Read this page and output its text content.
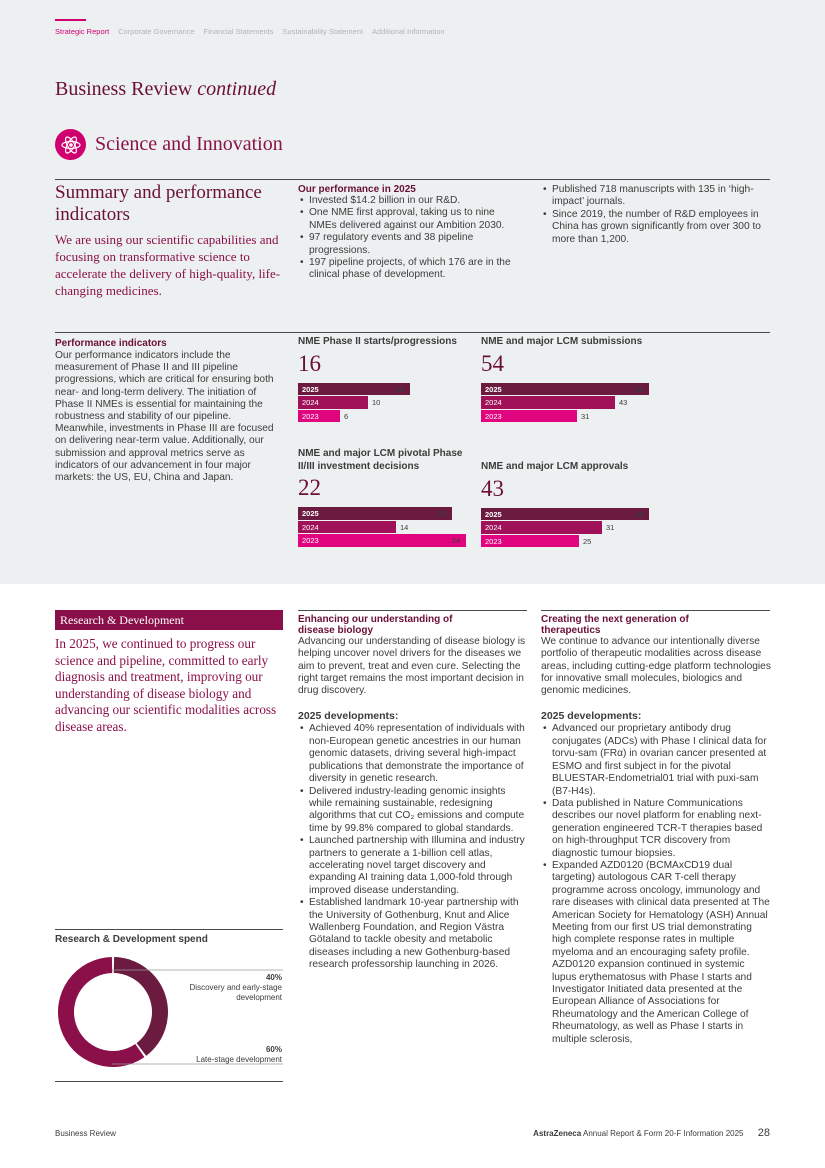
Strategic Report Corporate Governance Financial Statements Sustainability Statement Additional Information
Business Review continued
Science and Innovation
Summary and performance indicators
We are using our scientific capabilities and focusing on transformative science to accelerate the delivery of high-quality, life-changing medicines.
Our performance in 2025
• Invested $14.2 billion in our R&D.
• One NME first approval, taking us to nine NMEs delivered against our Ambition 2030.
• 97 regulatory events and 38 pipeline progressions.
• 197 pipeline projects, of which 176 are in the clinical phase of development.
• Published 718 manuscripts with 135 in ‘high-impact’ journals.
• Since 2019, the number of R&D employees in China has grown significantly from over 300 to more than 1,200.
Performance indicators

Our performance indicators include the measurement of Phase II and III pipeline progressions, which are critical for ensuring both near- and long-term delivery. The initiation of Phase II NMEs is essential for maintaining the robustness and stability of our pipeline. Meanwhile, investments in Phase III are focused on delivering near-term value. Additionally, our submission and approval metrics serve as indicators of our advancement in four major markets: the US, EU, China and Japan.

NME Phase II starts/progressions
16
2025	16
2024	10
2023	6
NME and major LCM submissions
54
2025	54
2024	43
2023	31
NME and major LCM pivotal Phase II/III investment decisions
22
2025	22
2024	14
2023	24
NME and major LCM approvals
43
2025	43
2024	31
2023	25
Research & Development
In 2025, we continued to progress our science and pipeline, committed to early diagnosis and treatment, improving our understanding of disease biology and advancing our scientific modalities across disease areas.
Enhancing our understanding of disease biology

Advancing our understanding of disease biology is helping uncover novel drivers for the diseases we aim to prevent, treat and even cure. Selecting the right target remains the most important decision in drug discovery.

2025 developments:
• Achieved 40% representation of individuals with non-European genetic ancestries in our human genomic datasets, driving several high-impact publications that demonstrate the importance of diversity in genetic research.
• Delivered industry-leading genomic insights while remaining sustainable, redesigning algorithms that cut CO₂ emissions and compute time by 99.8% compared to global standards.
• Launched partnership with Illumina and industry partners to generate a 1-billion cell atlas, accelerating novel target discovery and expanding AI training data 1,000-fold through improved disease understanding.
• Established landmark 10-year partnership with the University of Gothenburg, Knut and Alice Wallenberg Foundation, and Region Västra Götaland to tackle obesity and metabolic diseases including a new Gothenburg-based research professorship launching in 2026.
Creating the next generation of therapeutics

We continue to advance our intentionally diverse portfolio of therapeutic modalities across disease areas, including cutting-edge platform technologies for innovative small molecules, biologics and genomic medicines.

2025 developments:
• Advanced our proprietary antibody drug conjugates (ADCs) with Phase I clinical data for torvu-sam (FRα) in ovarian cancer presented at ESMO and first subject in for the pivotal BLUESTAR-Endometrial01 trial with puxi-sam (B7-H4s).
• Data published in Nature Communications describes our novel platform for enabling next-generation engineered TCR-T therapies based on high-throughput TCR discovery from diagnostic tumour biopsies.
• Expanded AZD0120 (BCMAxCD19 dual targeting) autologous CAR T-cell therapy programme across oncology, immunology and rare diseases with clinical data presented at The American Society for Hematology (ASH) Annual Meeting from our first US trial demonstrating high complete response rates in multiple myeloma and an encouraging safety profile. AZD0120 expansion continued in systemic lupus erythematosus with Phase I starts and Investigator Initiated data presented at the European Alliance of Associations for Rheumatology and the American College of Rheumatology, as well as Phase I starts in multiple sclerosis,
Research & Development spend
40%
Discovery and early-stage development
60%
Late-stage development
Business Review	AstraZeneca Annual Report & Form 20-F Information 2025 28
